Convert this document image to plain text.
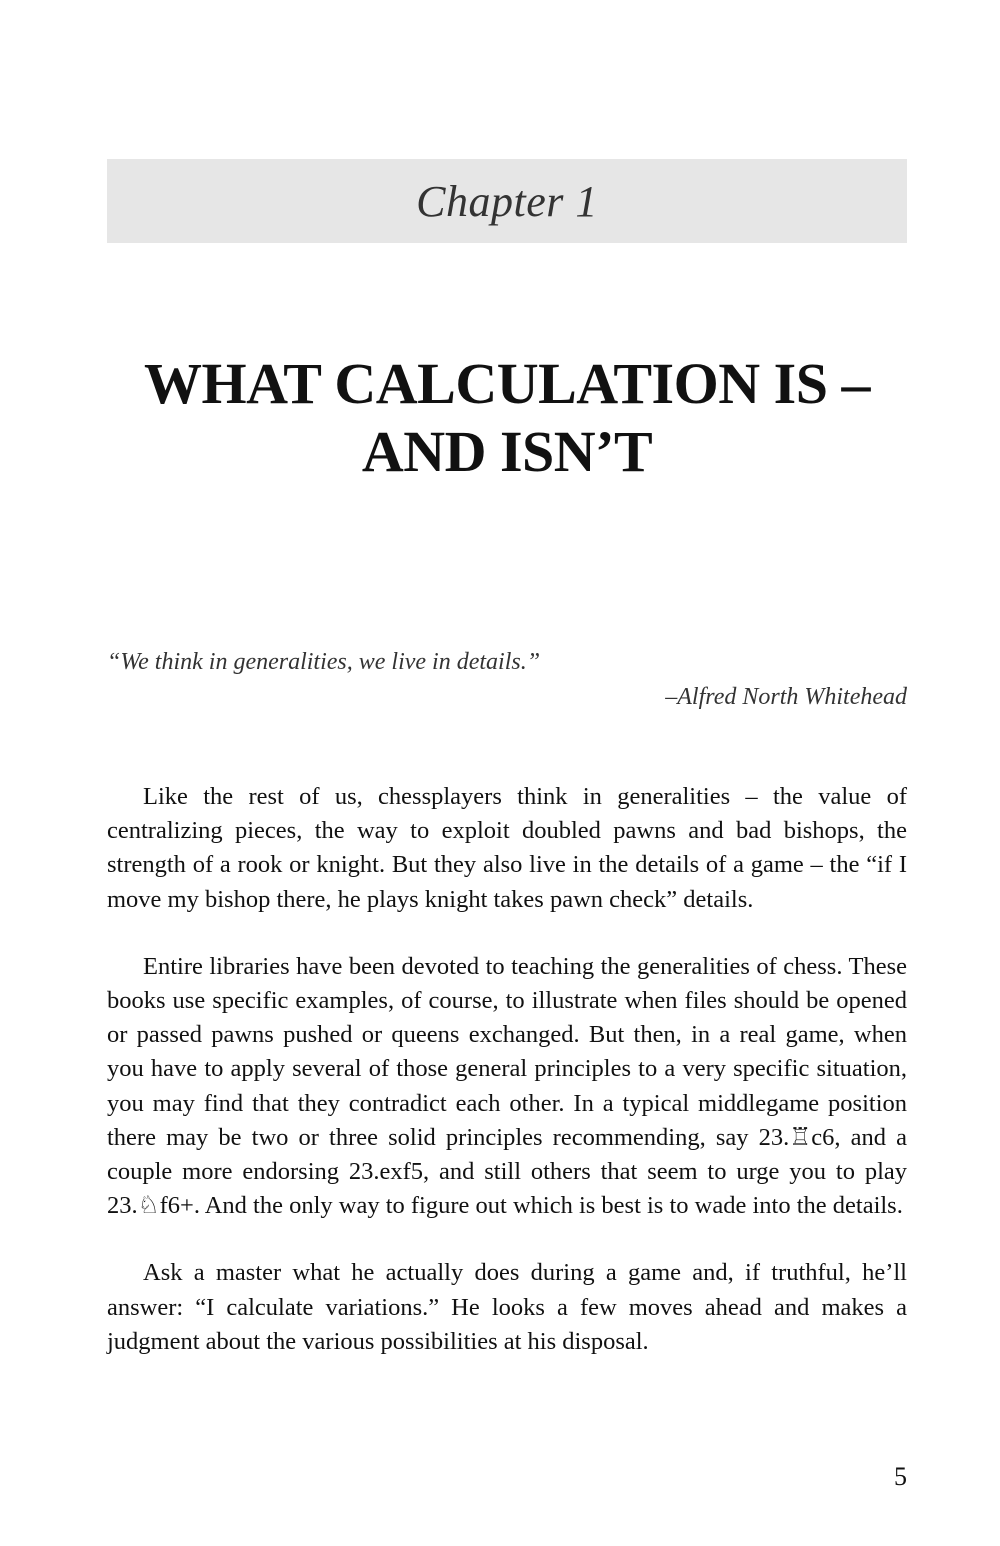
Chapter 1
WHAT CALCULATION IS –
AND ISN’T
“We think in generalities, we live in details.”
–Alfred North Whitehead

Like the rest of us, chessplayers think in generalities – the value of centralizing pieces, the way to exploit doubled pawns and bad bishops, the strength of a rook or knight. But they also live in the details of a game – the “if I move my bishop there, he plays knight takes pawn check” details.

Entire libraries have been devoted to teaching the generalities of chess. These books use specific examples, of course, to illustrate when files should be opened or passed pawns pushed or queens exchanged. But then, in a real game, when you have to apply several of those general principles to a very specific situation, you may find that they contradict each other. In a typical middlegame position there may be two or three solid principles recommending, say 23.♖c6, and a couple more endorsing 23.exf5, and still others that seem to urge you to play 23.♘f6+. And the only way to figure out which is best is to wade into the details.

Ask a master what he actually does during a game and, if truthful, he’ll answer: “I calculate variations.” He looks a few moves ahead and makes a judgment about the various possibilities at his disposal.

5
